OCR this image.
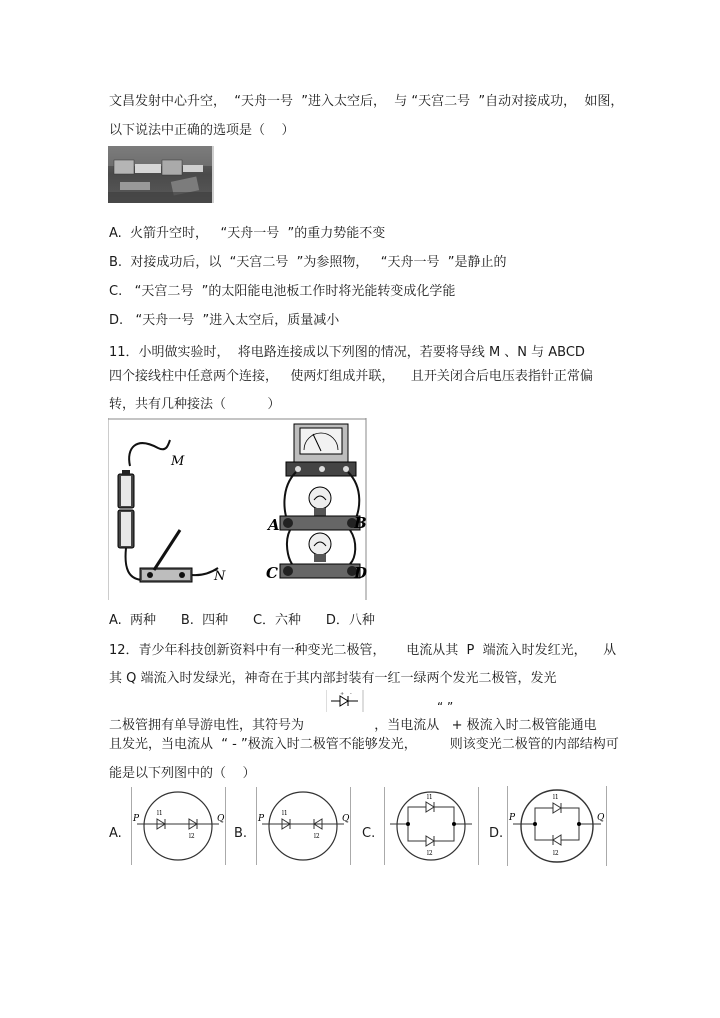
文昌发射中心升空，  “天舟一号  ”进入太空后，  与 “天宫二号  ”自动对接成功，  如图，
以下说法中正确的选项是（    ）
A.  火箭升空时，   “天舟一号  ”的重力势能不变
B.  对接成功后，以  “天宫二号  ”为参照物，   “天舟一号  ”是静止的
C.   “天宫二号  ”的太阳能电池板工作时将光能转变成化学能
D.   “天舟一号  ”进入太空后，质量减小
11．小明做实验时，  将电路连接成以下列图的情况，若要将导线 M 、N 与 ABCD
四个接线柱中任意两个连接，   使两灯组成并联，    且开关闭合后电压表指针正常偏
转，共有几种接法（          ）
M
N
A	B
C	D
A.  两种      B.  四种      C．六种      D．八种
12．青少年科技创新资料中有一种变光二极管，     电流从其  P  端流入时发红光，    从
其 Q 端流入时发绿光，神奇在于其内部封装有一红一绿两个发光二极管，发光
“ ”
+ -
二极管拥有单导游电性，其符号为                 ，当电流从   + 极流入时二极管能通电
且发光，当电流从  “ - ”极流入时二极管不能够发光，        则该变光二极管的内部结构可
能是以下列图中的（    ）
A.	B.	C.	D.
P	Q
l1
l2
P	Q
l1
l2
l1
l2
P	Q
l1
l2
